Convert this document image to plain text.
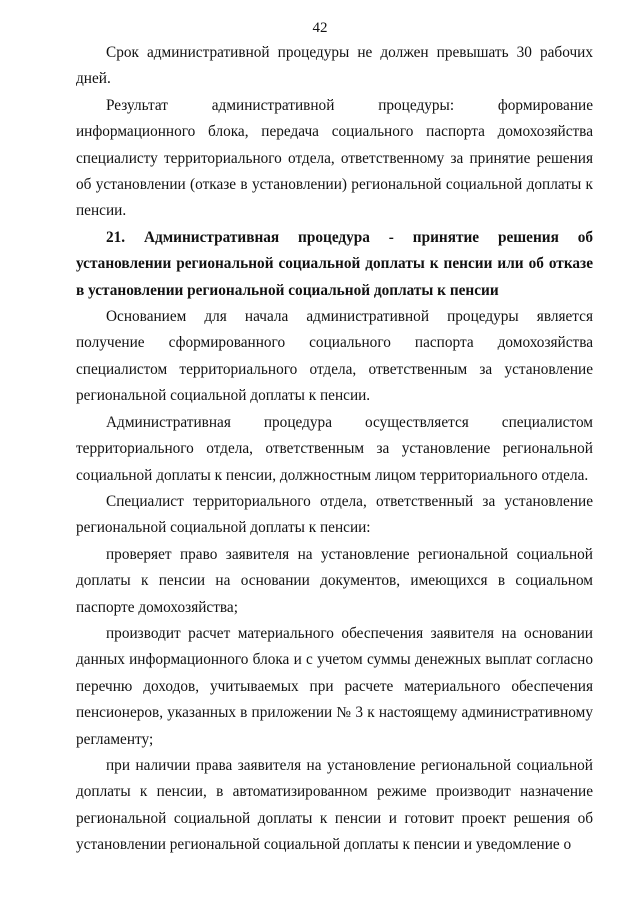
42

Срок административной процедуры не должен превышать 30 рабочих дней.

Результат административной процедуры: формирование информационного блока, передача социального паспорта домохозяйства специалисту территориального отдела, ответственному за принятие решения об установлении (отказе в установлении) региональной социальной доплаты к пенсии.

21. Административная процедура - принятие решения об установлении региональной социальной доплаты к пенсии или об отказе в установлении региональной социальной доплаты к пенсии

Основанием для начала административной процедуры является получение сформированного социального паспорта домохозяйства специалистом территориального отдела, ответственным за установление региональной социальной доплаты к пенсии.

Административная процедура осуществляется специалистом территориального отдела, ответственным за установление региональной социальной доплаты к пенсии, должностным лицом территориального отдела.

Специалист территориального отдела, ответственный за установление региональной социальной доплаты к пенсии:

проверяет право заявителя на установление региональной социальной доплаты к пенсии на основании документов, имеющихся в социальном паспорте домохозяйства;

производит расчет материального обеспечения заявителя на основании данных информационного блока и с учетом суммы денежных выплат согласно перечню доходов, учитываемых при расчете материального обеспечения пенсионеров, указанных в приложении № 3 к настоящему административному регламенту;

при наличии права заявителя на установление региональной социальной доплаты к пенсии, в автоматизированном режиме производит назначение региональной социальной доплаты к пенсии и готовит проект решения об установлении региональной социальной доплаты к пенсии и уведомление о
